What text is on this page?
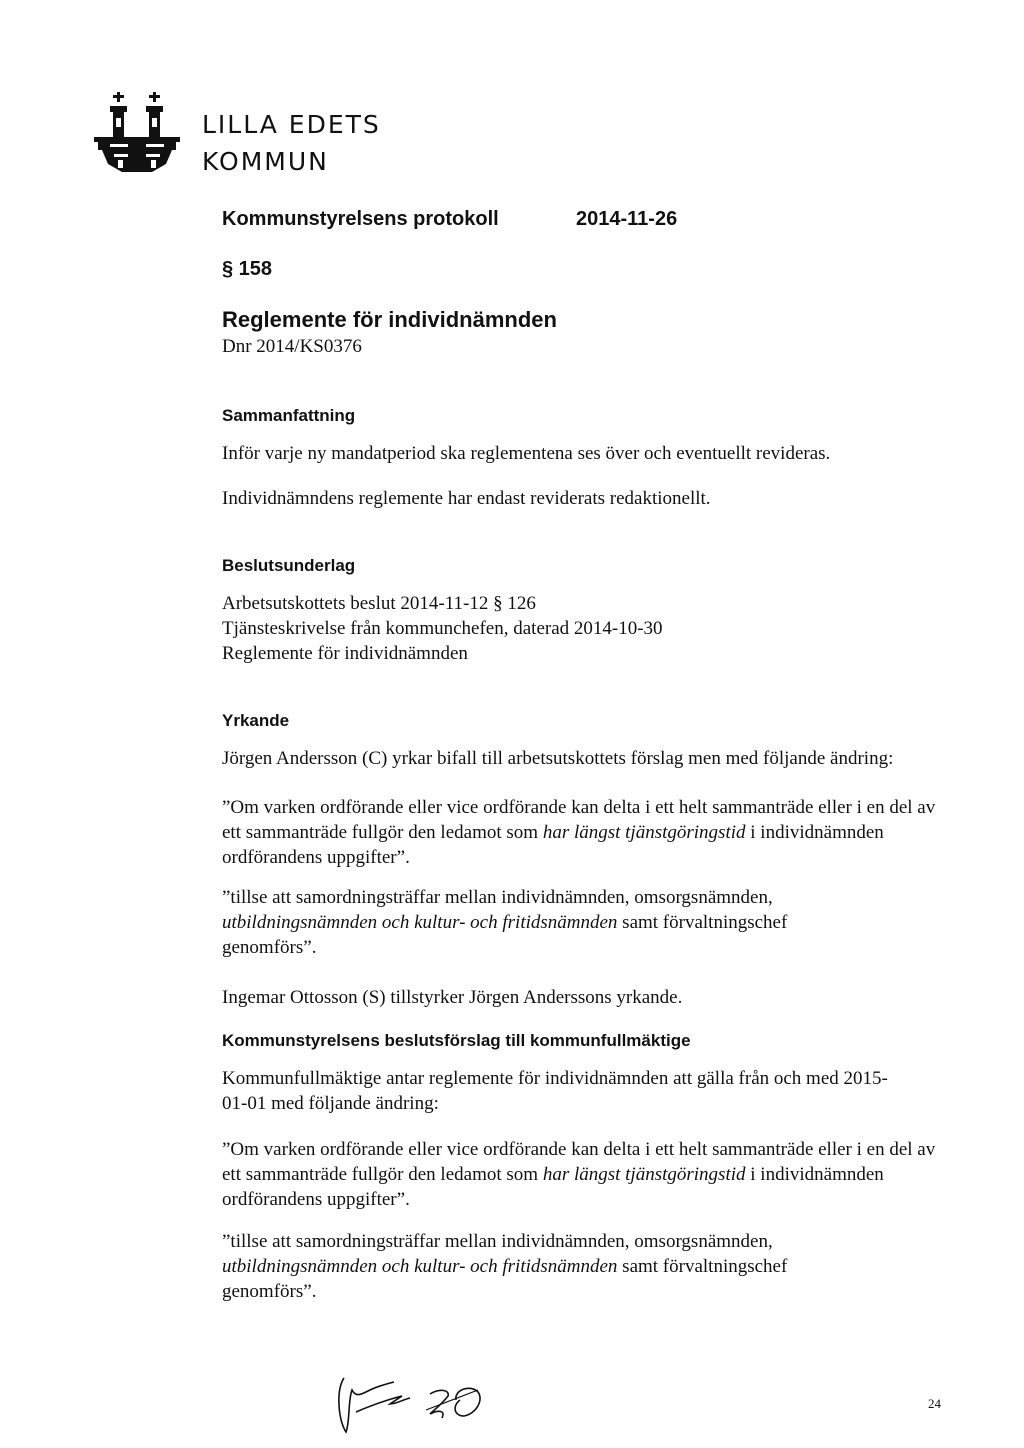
LILLA EDETS
KOMMUN
Kommunstyrelsens protokoll	2014-11-26
§ 158
Reglemente för individnämnden
Dnr 2014/KS0376
Sammanfattning

Inför varje ny mandatperiod ska reglementena ses över och eventuellt revideras.

Individnämndens reglemente har endast reviderats redaktionellt.

Beslutsunderlag
Arbetsutskottets beslut 2014-11-12 § 126
Tjänsteskrivelse från kommunchefen, daterad 2014-10-30
Reglemente för individnämnden
Yrkande

Jörgen Andersson (C) yrkar bifall till arbetsutskottets förslag men med följande ändring:

”Om varken ordförande eller vice ordförande kan delta i ett helt sammanträde eller i en del av ett sammanträde fullgör den ledamot som har längst tjänstgöringstid i individnämnden ordförandens uppgifter”.

”tillse att samordningsträffar mellan individnämnden, omsorgsnämnden, utbildningsnämnden och kultur- och fritidsnämnden samt förvaltningschef genomförs”.

Ingemar Ottosson (S) tillstyrker Jörgen Anderssons yrkande.

Kommunstyrelsens beslutsförslag till kommunfullmäktige

Kommunfullmäktige antar reglemente för individnämnden att gälla från och med 2015-01-01 med följande ändring:

”Om varken ordförande eller vice ordförande kan delta i ett helt sammanträde eller i en del av ett sammanträde fullgör den ledamot som har längst tjänstgöringstid i individnämnden ordförandens uppgifter”.

”tillse att samordningsträffar mellan individnämnden, omsorgsnämnden, utbildningsnämnden och kultur- och fritidsnämnden samt förvaltningschef genomförs”.

24
